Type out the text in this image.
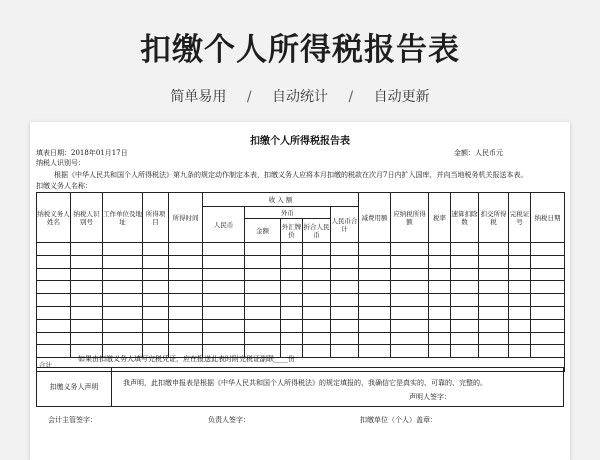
扣缴个人所得税报告表
简单易用 / 自动统计 / 自动更新
扣缴个人所得税报告表
填表日期：2018年01月17日	金额：人民币元
纳税人识别号：
根据《中华人民共和国个人所得税法》第九条的规定动作制定本表，扣缴义务人应将本月扣缴的税款在次月7日内扩入国库，并向当地税务机关报送本表。
扣缴义务人名称：
纳税义务人姓名	纳税人识别号	工作单位及地址	所得项目	所得时间	收 入 额					减费用额	应纳税所得额	税率	速算扣除数	扣交所得税	完税证号	纳税日期
					人民币	外币			人民币合计							
						金额	外汇牌价	折合人民币								

合计																
如果由扣缴义务人填写完税凭证，应在报送此表时附完税证副联____份
扣缴义务人声明	我声明，此扣缴申报表是根据《中华人民共和国个人所得税法》的规定填报的，我确信它是真实的、可靠的、完整的。
声明人签字：
会计主管签字：	负责人签字：	扣缴单位（个人）盖章：
